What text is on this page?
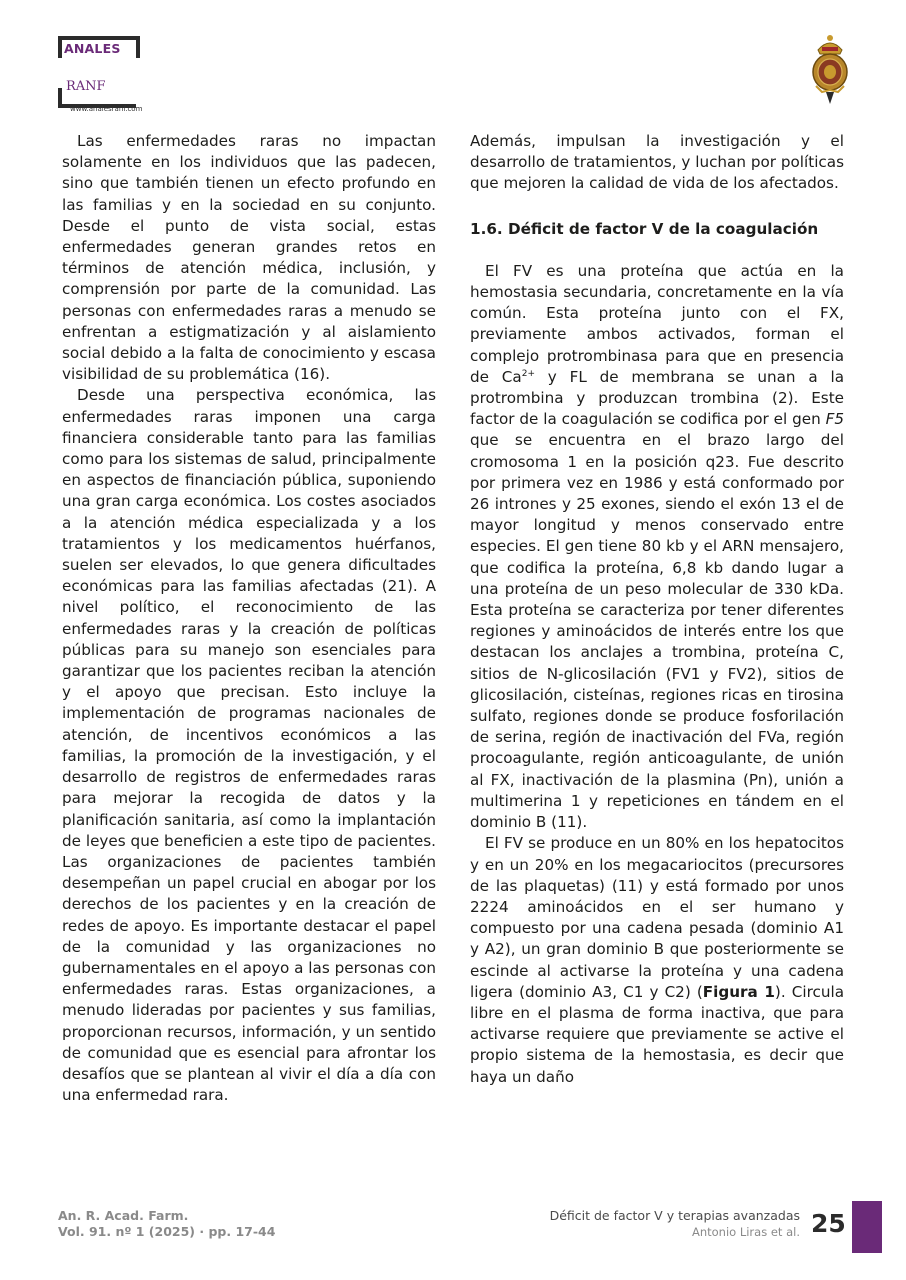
ANALES
RANF
www.analesranf.com

Las enfermedades raras no impactan solamente en los individuos que las padecen, sino que también tienen un efecto profundo en las familias y en la sociedad en su conjunto. Desde el punto de vista social, estas enfermedades generan grandes retos en términos de atención médica, inclusión, y comprensión por parte de la comunidad. Las personas con enfermedades raras a menudo se enfrentan a estigmatización y al aislamiento social debido a la falta de conocimiento y escasa visibilidad de su problemática (16).

Desde una perspectiva económica, las enfermedades raras imponen una carga financiera considerable tanto para las familias como para los sistemas de salud, principalmente en aspectos de financiación pública, suponiendo una gran carga económica. Los costes asociados a la atención médica especializada y a los tratamientos y los medicamentos huérfanos, suelen ser elevados, lo que genera dificultades económicas para las familias afectadas (21). A nivel político, el reconocimiento de las enfermedades raras y la creación de políticas públicas para su manejo son esenciales para garantizar que los pacientes reciban la atención y el apoyo que precisan. Esto incluye la implementación de programas nacionales de atención, de incentivos económicos a las familias, la promoción de la investigación, y el desarrollo de registros de enfermedades raras para mejorar la recogida de datos y la planificación sanitaria, así como la implantación de leyes que beneficien a este tipo de pacientes. Las organizaciones de pacientes también desempeñan un papel crucial en abogar por los derechos de los pacientes y en la creación de redes de apoyo. Es importante destacar el papel de la comunidad y las organizaciones no gubernamentales en el apoyo a las personas con enfermedades raras. Estas organizaciones, a menudo lideradas por pacientes y sus familias, proporcionan recursos, información, y un sentido de comunidad que es esencial para afrontar los desafíos que se plantean al vivir el día a día con una enfermedad rara.

Además, impulsan la investigación y el desarrollo de tratamientos, y luchan por políticas que mejoren la calidad de vida de los afectados.

1.6. Déficit de factor V de la coagulación

El FV es una proteína que actúa en la hemostasia secundaria, concretamente en la vía común. Esta proteína junto con el FX, previamente ambos activados, forman el complejo protrombinasa para que en presencia de $Ca^{2+}$ y FL de membrana se unan a la protrombina y produzcan trombina (2). Este factor de la coagulación se codifica por el gen F5 que se encuentra en el brazo largo del cromosoma 1 en la posición q23. Fue descrito por primera vez en 1986 y está conformado por 26 intrones y 25 exones, siendo el exón 13 el de mayor longitud y menos conservado entre especies. El gen tiene 80 kb y el ARN mensajero, que codifica la proteína, 6,8 kb dando lugar a una proteína de un peso molecular de 330 kDa. Esta proteína se caracteriza por tener diferentes regiones y aminoácidos de interés entre los que destacan los anclajes a trombina, proteína C, sitios de N-glicosilación (FV1 y FV2), sitios de glicosilación, cisteínas, regiones ricas en tirosina sulfato, regiones donde se produce fosforilación de serina, región de inactivación del FVa, región procoagulante, región anticoagulante, de unión al FX, inactivación de la plasmina (Pn), unión a multimerina 1 y repeticiones en tándem en el dominio B (11).

El FV se produce en un 80% en los hepatocitos y en un 20% en los megacariocitos (precursores de las plaquetas) (11) y está formado por unos 2224 aminoácidos en el ser humano y compuesto por una cadena pesada (dominio A1 y A2), un gran dominio B que posteriormente se escinde al activarse la proteína y una cadena ligera (dominio A3, C1 y C2) (Figura 1). Circula libre en el plasma de forma inactiva, que para activarse requiere que previamente se active el propio sistema de la hemostasia, es decir que haya un daño

An. R. Acad. Farm.
Vol. 91. nº 1 (2025) · pp. 17-44
Déficit de factor V y terapias avanzadas
Antonio Liras et al. 25
